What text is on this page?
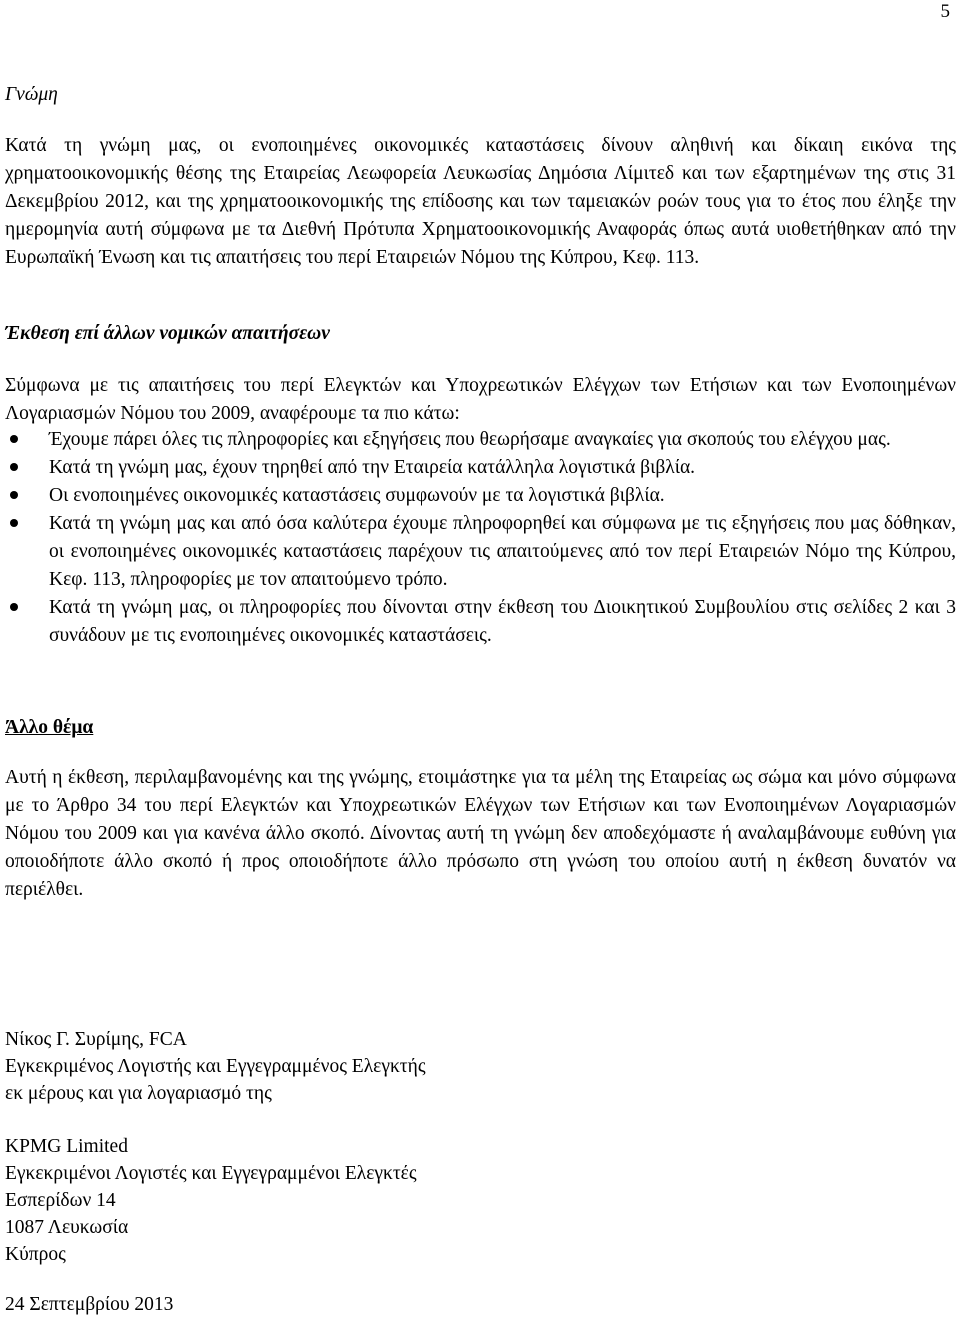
5
Γνώμη

Κατά τη γνώμη μας, οι ενοποιημένες οικονομικές καταστάσεις δίνουν αληθινή και δίκαιη εικόνα της χρηματοοικονομικής θέσης της Εταιρείας Λεωφορεία Λευκωσίας Δημόσια Λίμιτεδ και των εξαρτημένων της στις 31 Δεκεμβρίου 2012, και της χρηματοοικονομικής της επίδοσης και των ταμειακών ροών τους για το έτος που έληξε την ημερομηνία αυτή σύμφωνα με τα Διεθνή Πρότυπα Χρηματοοικονομικής Αναφοράς όπως αυτά υιοθετήθηκαν από την Ευρωπαϊκή Ένωση και τις απαιτήσεις του περί Εταιρειών Νόμου της Κύπρου, Κεφ. 113.

Έκθεση επί άλλων νομικών απαιτήσεων

Σύμφωνα με τις απαιτήσεις του περί Ελεγκτών και Υποχρεωτικών Ελέγχων των Ετήσιων και των Ενοποιημένων Λογαριασμών Νόμου του 2009, αναφέρουμε τα πιο κάτω:

Έχουμε πάρει όλες τις πληροφορίες και εξηγήσεις που θεωρήσαμε αναγκαίες για σκοπούς του ελέγχου μας.
Κατά τη γνώμη μας, έχουν τηρηθεί από την Εταιρεία κατάλληλα λογιστικά βιβλία.
Οι ενοποιημένες οικονομικές καταστάσεις συμφωνούν με τα λογιστικά βιβλία.
Κατά τη γνώμη μας και από όσα καλύτερα έχουμε πληροφορηθεί και σύμφωνα με τις εξηγήσεις που μας δόθηκαν, οι ενοποιημένες οικονομικές καταστάσεις παρέχουν τις απαιτούμενες από τον περί Εταιρειών Νόμο της Κύπρου, Κεφ. 113, πληροφορίες με τον απαιτούμενο τρόπο.
Κατά τη γνώμη μας, οι πληροφορίες που δίνονται στην έκθεση του Διοικητικού Συμβουλίου στις σελίδες 2 και 3 συνάδουν με τις ενοποιημένες οικονομικές καταστάσεις.
Άλλο θέμα

Αυτή η έκθεση, περιλαμβανομένης και της γνώμης, ετοιμάστηκε για τα μέλη της Εταιρείας ως σώμα και μόνο σύμφωνα με το Άρθρο 34 του περί Ελεγκτών και Υποχρεωτικών Ελέγχων των Ετήσιων και των Ενοποιημένων Λογαριασμών Νόμου του 2009 και για κανένα άλλο σκοπό. Δίνοντας αυτή τη γνώμη δεν αποδεχόμαστε ή αναλαμβάνουμε ευθύνη για οποιοδήποτε άλλο σκοπό ή προς οποιοδήποτε άλλο πρόσωπο στη γνώση του οποίου αυτή η έκθεση δυνατόν να περιέλθει.

Νίκος Γ. Συρίμης, FCA

Εγκεκριμένος Λογιστής και Εγγεγραμμένος Ελεγκτής

εκ μέρους και για λογαριασμό της

KPMG Limited

Εγκεκριμένοι Λογιστές και Εγγεγραμμένοι Ελεγκτές

Εσπερίδων 14

1087 Λευκωσία

Κύπρος

24 Σεπτεμβρίου 2013
